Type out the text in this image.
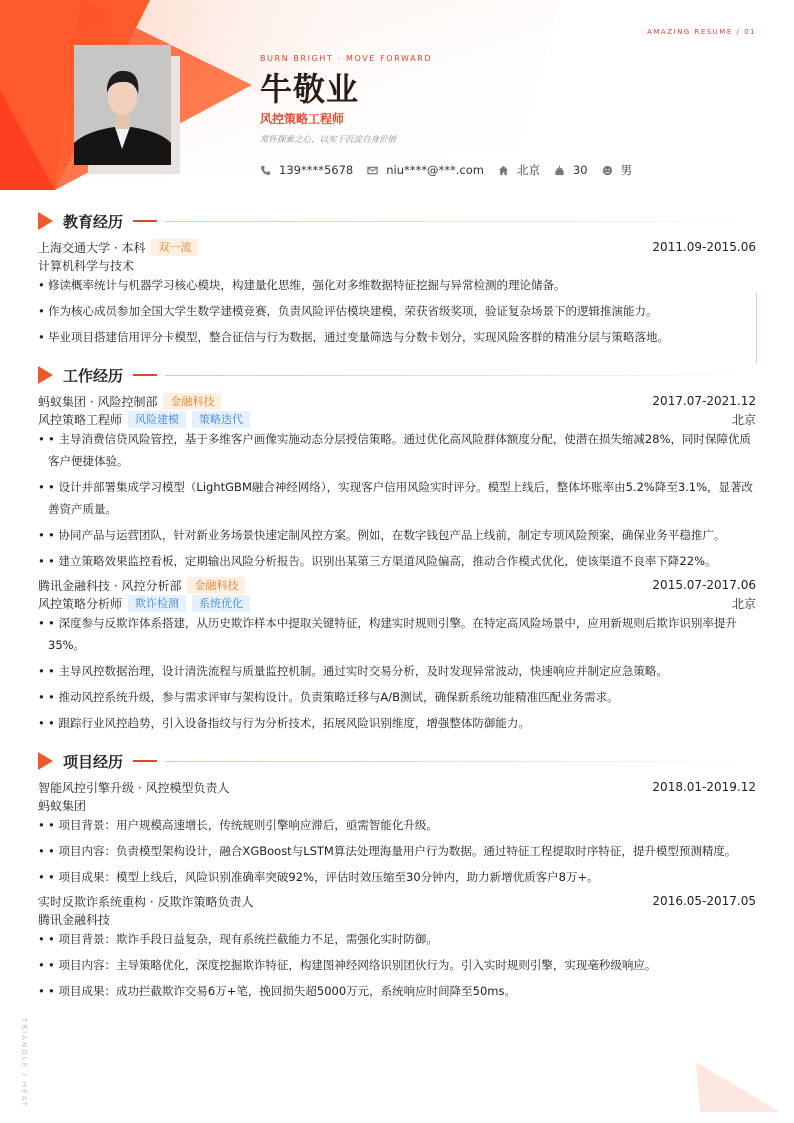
AMAZING RESUME / 01
BURN BRIGHT · MOVE FORWARD
牛敬业
风控策略工程师
常怀探索之心，以实干沉淀自身价值
139****5678	niu****@***.com	北京	30	男
教育经历
上海交通大学 · 本科	双一流	2011.09-2015.06
计算机科学与技术
• 修读概率统计与机器学习核心模块，构建量化思维，强化对多维数据特征挖掘与异常检测的理论储备。
• 作为核心成员参加全国大学生数学建模竞赛，负责风险评估模块建模，荣获省级奖项，验证复杂场景下的逻辑推演能力。
• 毕业项目搭建信用评分卡模型，整合征信与行为数据，通过变量筛选与分数卡划分，实现风险客群的精准分层与策略落地。
工作经历
蚂蚁集团 · 风险控制部	金融科技	2017.07-2021.12
风控策略工程师	风险建模	策略迭代	北京
• • 主导消费信贷风险管控，基于多维客户画像实施动态分层授信策略。通过优化高风险群体额度分配，使潜在损失缩减28%，同时保障优质客户便捷体验。
• • 设计并部署集成学习模型（LightGBM融合神经网络），实现客户信用风险实时评分。模型上线后，整体坏账率由5.2%降至3.1%，显著改善资产质量。
• • 协同产品与运营团队，针对新业务场景快速定制风控方案。例如，在数字钱包产品上线前，制定专项风险预案，确保业务平稳推广。
• • 建立策略效果监控看板，定期输出风险分析报告。识别出某第三方渠道风险偏高，推动合作模式优化，使该渠道不良率下降22%。
腾讯金融科技 · 风控分析部	金融科技	2015.07-2017.06
风控策略分析师	欺诈检测	系统优化	北京
• • 深度参与反欺诈体系搭建，从历史欺诈样本中提取关键特征，构建实时规则引擎。在特定高风险场景中，应用新规则后欺诈识别率提升35%。
• • 主导风控数据治理，设计清洗流程与质量监控机制。通过实时交易分析，及时发现异常波动，快速响应并制定应急策略。
• • 推动风控系统升级，参与需求评审与架构设计。负责策略迁移与A/B测试，确保新系统功能精准匹配业务需求。
• • 跟踪行业风控趋势，引入设备指纹与行为分析技术，拓展风险识别维度，增强整体防御能力。
项目经历
智能风控引擎升级 · 风控模型负责人	2018.01-2019.12
蚂蚁集团
• • 项目背景：用户规模高速增长，传统规则引擎响应滞后，亟需智能化升级。
• • 项目内容：负责模型架构设计，融合XGBoost与LSTM算法处理海量用户行为数据。通过特征工程提取时序特征，提升模型预测精度。
• • 项目成果：模型上线后，风险识别准确率突破92%，评估时效压缩至30分钟内，助力新增优质客户8万+。
实时反欺诈系统重构 · 反欺诈策略负责人	2016.05-2017.05
腾讯金融科技
• • 项目背景：欺诈手段日益复杂，现有系统拦截能力不足，需强化实时防御。
• • 项目内容：主导策略优化，深度挖掘欺诈特征，构建图神经网络识别团伙行为。引入实时规则引擎，实现毫秒级响应。
• • 项目成果：成功拦截欺诈交易6万+笔，挽回损失超5000万元，系统响应时间降至50ms。
TRIANGLE / HEAT
